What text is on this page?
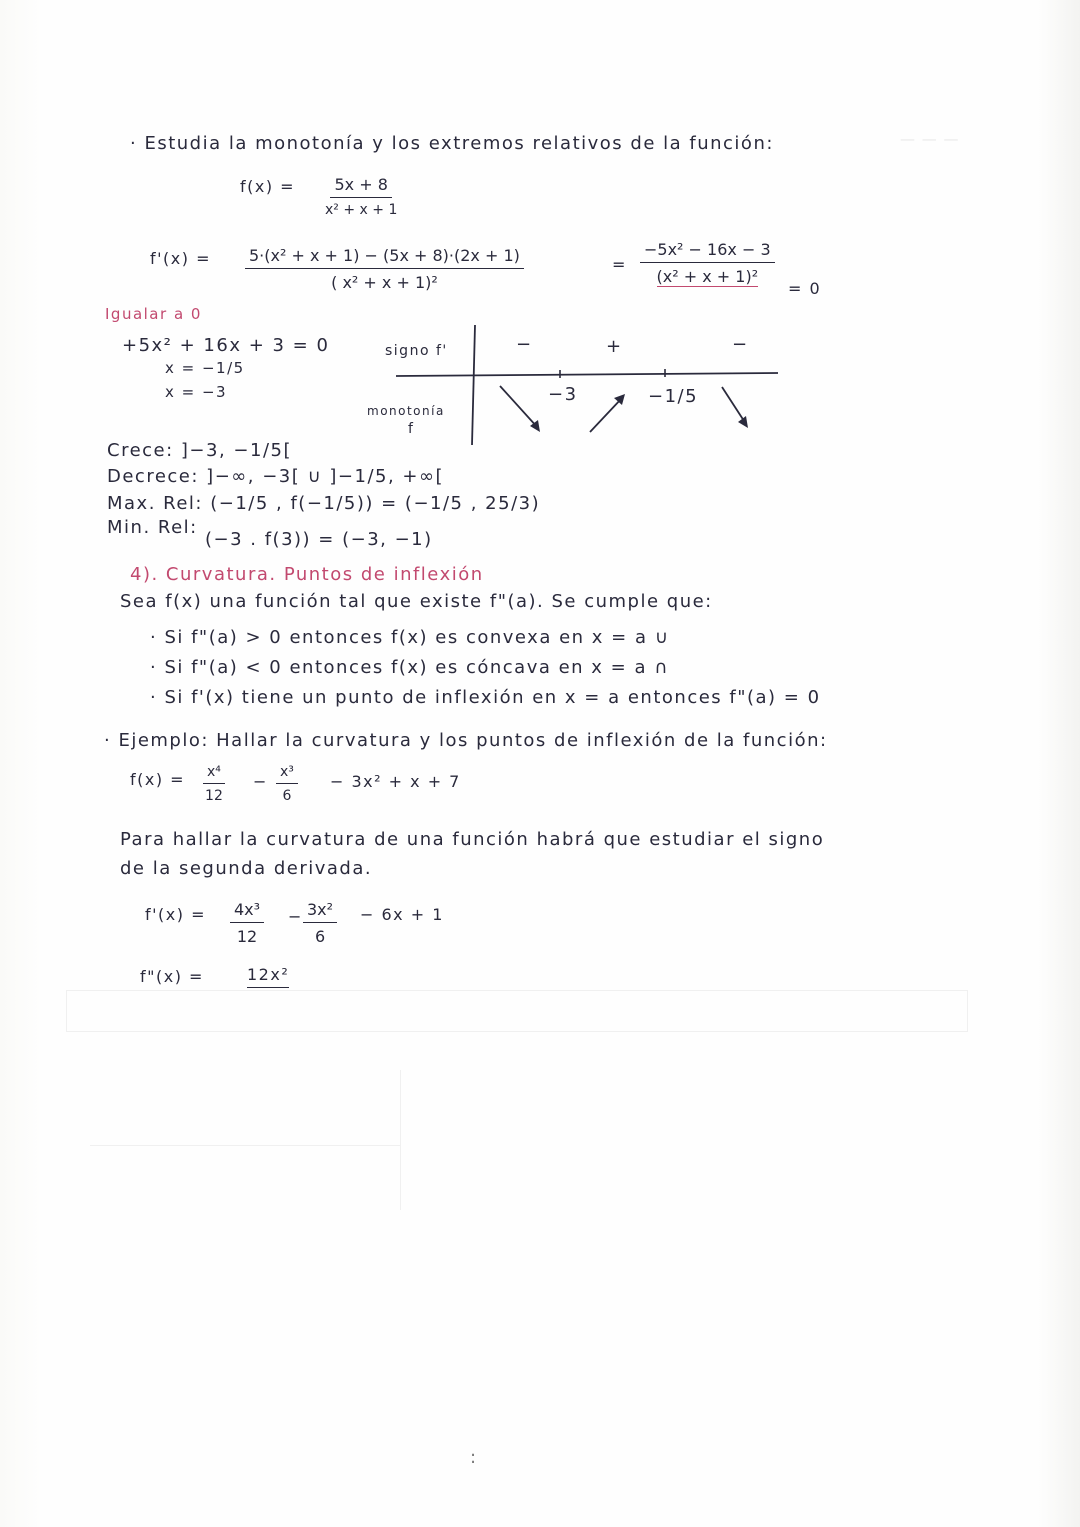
— — —
· Estudia la monotonía y los extremos relativos de la función:
$f(x) = \frac{5x + 8}{\text{x² + x + 1}}$
$f'(x) = \frac{\text{5·(x² + x + 1) − (5x + 8)·(2x + 1)}}{\text{( x² + x + 1)²}}$	= $\frac{\text{−5x² − 16x − 3}}{\text{(x² + x + 1)²}}$
= 0
Igualar a 0
+5x² + 16x + 3 = 0
x = −1/5
x = −3
signo f'
monotonía
f
−	+	−
−3	−1/5
Crece: ]−3, −1/5[
Decrece: ]−∞, −3[ ∪ ]−1/5, +∞[
Max. Rel: (−1/5 , f(−1/5)) = (−1/5 , 25/3)
Min. Rel:
(−3 . f(3)) = (−3, −1)
4). Curvatura. Puntos de inflexión
Sea f(x) una función tal que existe f"(a). Se cumple que:
· Si f"(a) > 0 entonces f(x) es convexa en x = a ∪
· Si f"(a) < 0 entonces f(x) es cóncava en x = a ∩
· Si f'(x) tiene un punto de inflexión en x = a entonces f"(a) = 0
· Ejemplo: Hallar la curvatura y los puntos de inflexión de la función:
$f(x) = \frac{\text{x⁴}}{12} - \frac{\text{x³}}{6} - 3x^2 + x + 7$
Para hallar la curvatura de una función habrá que estudiar el signo
de la segunda derivada.
$f'(x) = \frac{\text{4x³}}{12} - \frac{\text{3x²}}{6} - 6x + 1$
f"(x) =	12x²
:
